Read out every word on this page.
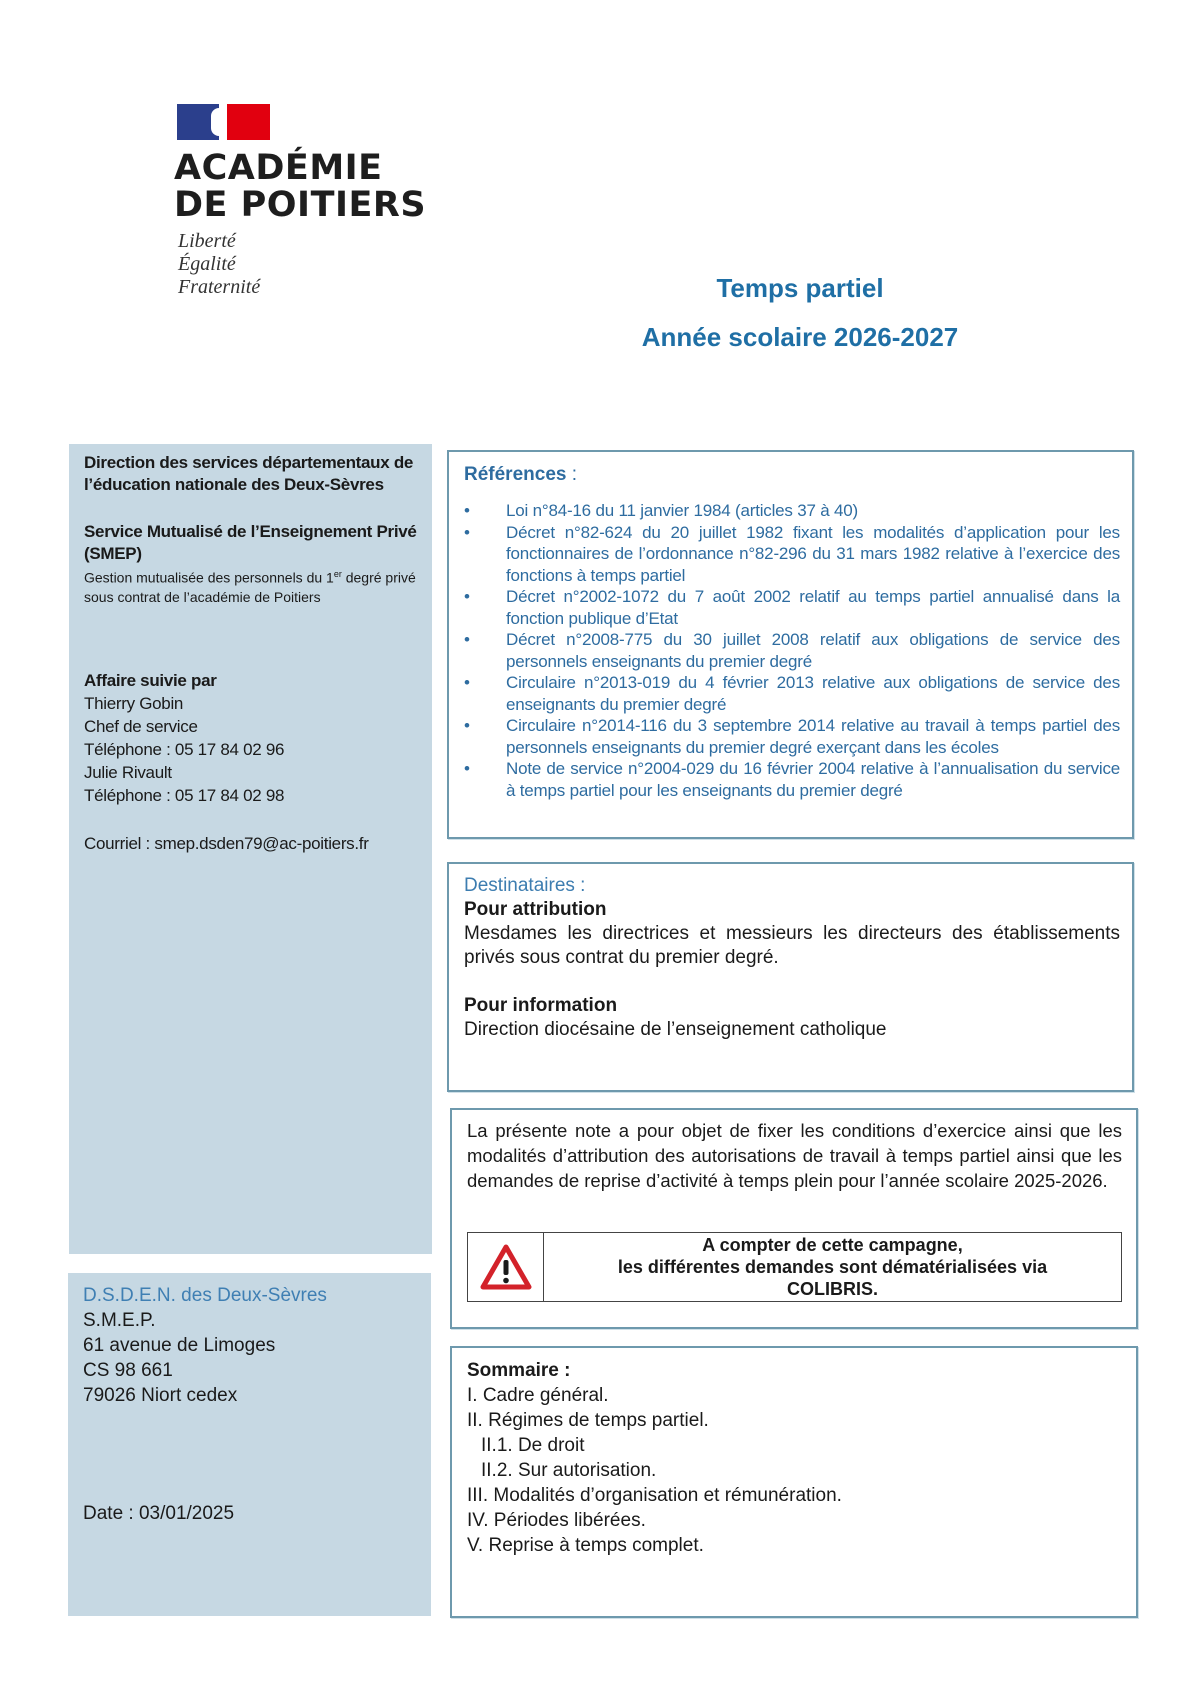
ACADÉMIE
DE POITIERS
Liberté
Égalité
Fraternité	Temps partiel
Année scolaire 2026-2027
Direction des services départementaux de l’éducation nationale des Deux-Sèvres
Service Mutualisé de l’Enseignement Privé (SMEP)
Gestion mutualisée des personnels du 1er degré privé sous contrat de l’académie de Poitiers
Affaire suivie par
Thierry Gobin
Chef de service
Téléphone : 05 17 84 02 96
Julie Rivault
Téléphone : 05 17 84 02 98
Courriel : smep.dsden79@ac-poitiers.fr
D.S.D.E.N. des Deux-Sèvres
S.M.E.P.
61 avenue de Limoges
CS 98 661
79026 Niort cedex
Date : 03/01/2025
Références :
• Loi n°84-16 du 11 janvier 1984 (articles 37 à 40)
• Décret n°82-624 du 20 juillet 1982 fixant les modalités d’application pour les fonctionnaires de l’ordonnance n°82-296 du 31 mars 1982 relative à l’exercice des fonctions à temps partiel
• Décret n°2002-1072 du 7 août 2002 relatif au temps partiel annualisé dans la fonction publique d’Etat
• Décret n°2008-775 du 30 juillet 2008 relatif aux obligations de service des personnels enseignants du premier degré
• Circulaire n°2013-019 du 4 février 2013 relative aux obligations de service des enseignants du premier degré
• Circulaire n°2014-116 du 3 septembre 2014 relative au travail à temps partiel des personnels enseignants du premier degré exerçant dans les écoles
• Note de service n°2004-029 du 16 février 2004 relative à l’annualisation du service à temps partiel pour les enseignants du premier degré
Destinataires :
Pour attribution
Mesdames les directrices et messieurs les directeurs des établissements privés sous contrat du premier degré.
Pour information
Direction diocésaine de l’enseignement catholique
La présente note a pour objet de fixer les conditions d’exercice ainsi que les modalités d’attribution des autorisations de travail à temps partiel ainsi que les demandes de reprise d’activité à temps plein pour l’année scolaire 2025-2026.
A compter de cette campagne,
les différentes demandes sont dématérialisées via
COLIBRIS.
Sommaire :
I. Cadre général.
II. Régimes de temps partiel.
II.1. De droit
II.2. Sur autorisation.
III. Modalités d’organisation et rémunération.
IV. Périodes libérées.
V. Reprise à temps complet.
